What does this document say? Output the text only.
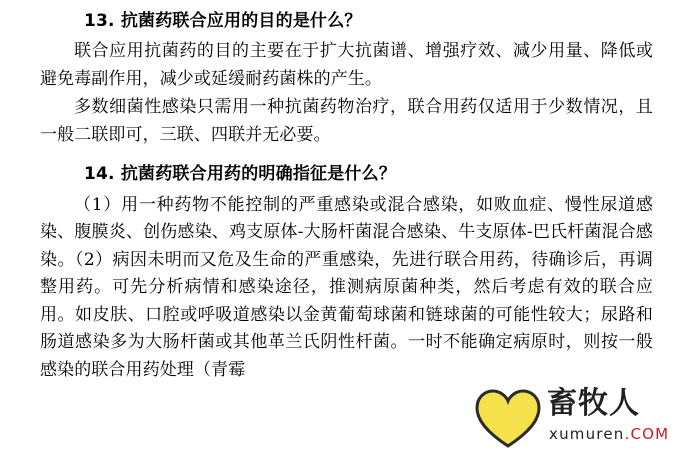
13. 抗菌药联合应用的目的是什么？

联合应用抗菌药的目的主要在于扩大抗菌谱、增强疗效、减少用量、降低或避免毒副作用，减少或延缓耐药菌株的产生。

多数细菌性感染只需用一种抗菌药物治疗，联合用药仅适用于少数情况，且一般二联即可，三联、四联并无必要。

14. 抗菌药联合用药的明确指征是什么？

（1）用一种药物不能控制的严重感染或混合感染，如败血症、慢性尿道感染、腹膜炎、创伤感染、鸡支原体-大肠杆菌混合感染、牛支原体-巴氏杆菌混合感染。（2）病因未明而又危及生命的严重感染，先进行联合用药，待确诊后，再调整用药。可先分析病情和感染途径，推测病原菌种类，然后考虑有效的联合应用。如皮肤、口腔或呼吸道感染以金黄葡萄球菌和链球菌的可能性较大；尿路和肠道感染多为大肠杆菌或其他革兰氏阴性杆菌。一时不能确定病原时，则按一般感染的联合用药处理（青霉

畜牧人
xumuren.COM
